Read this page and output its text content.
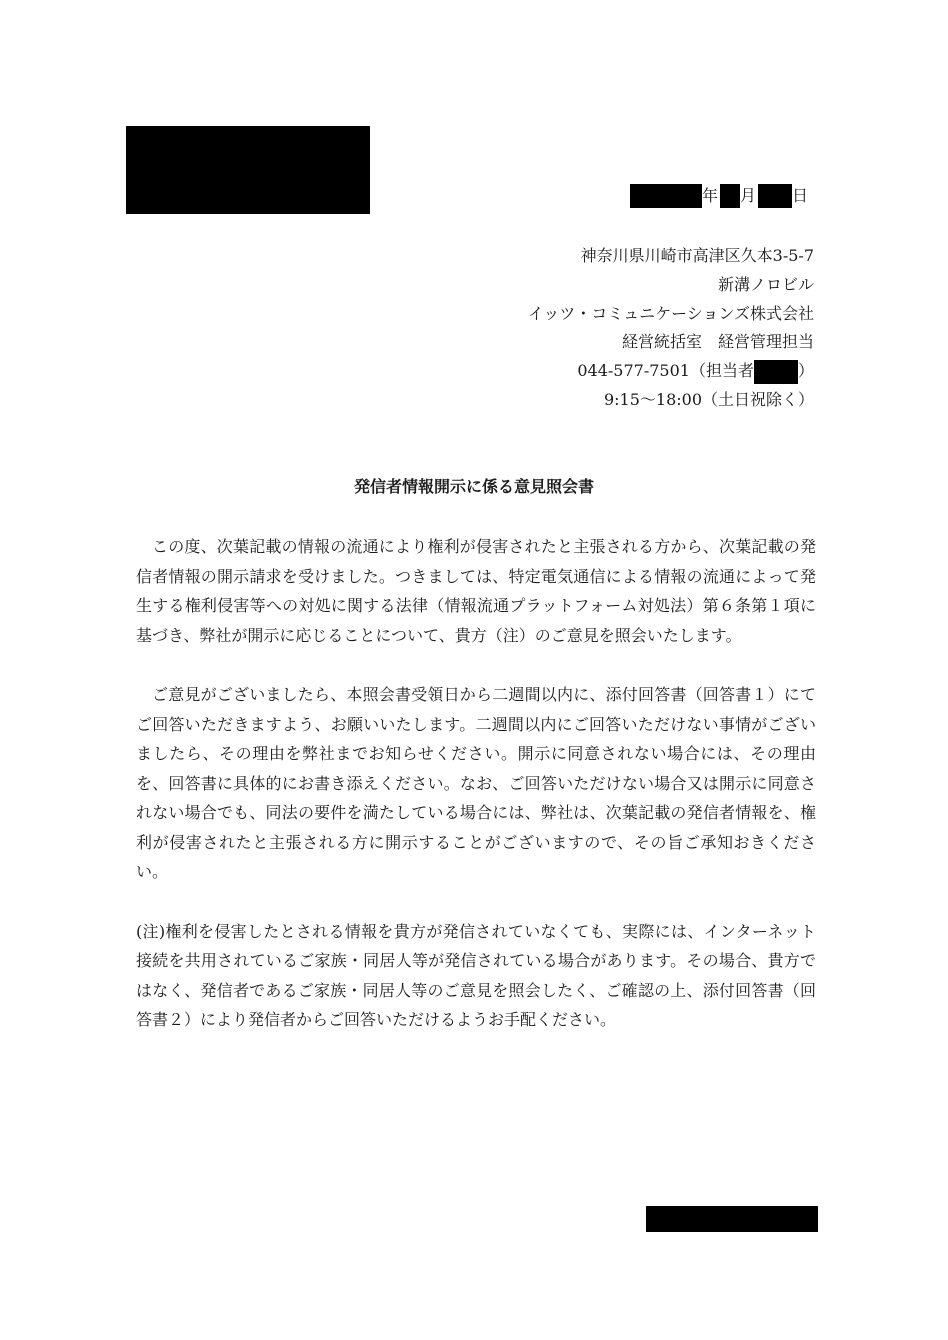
年 月 日
神奈川県川崎市高津区久本3-5-7
新溝ノロビル
イッツ・コミュニケーションズ株式会社
経営統括室　経営管理担当
044-577-7501（担当者	）
9:15～18:00（土日祝除く）
発信者情報開示に係る意見照会書

この度、次葉記載の情報の流通により権利が侵害されたと主張される方から、次葉記載の発信者情報の開示請求を受けました。つきましては、特定電気通信による情報の流通によって発生する権利侵害等への対処に関する法律（情報流通プラットフォーム対処法）第６条第１項に基づき、弊社が開示に応じることについて、貴方（注）のご意見を照会いたします。

ご意見がございましたら、本照会書受領日から二週間以内に、添付回答書（回答書１）にてご回答いただきますよう、お願いいたします。二週間以内にご回答いただけない事情がございましたら、その理由を弊社までお知らせください。開示に同意されない場合には、その理由を、回答書に具体的にお書き添えください。なお、ご回答いただけない場合又は開示に同意されない場合でも、同法の要件を満たしている場合には、弊社は、次葉記載の発信者情報を、権利が侵害されたと主張される方に開示することがございますので、その旨ご承知おきください。

(注)権利を侵害したとされる情報を貴方が発信されていなくても、実際には、インターネット接続を共用されているご家族・同居人等が発信されている場合があります。その場合、貴方ではなく、発信者であるご家族・同居人等のご意見を照会したく、ご確認の上、添付回答書（回答書２）により発信者からご回答いただけるようお手配ください。
